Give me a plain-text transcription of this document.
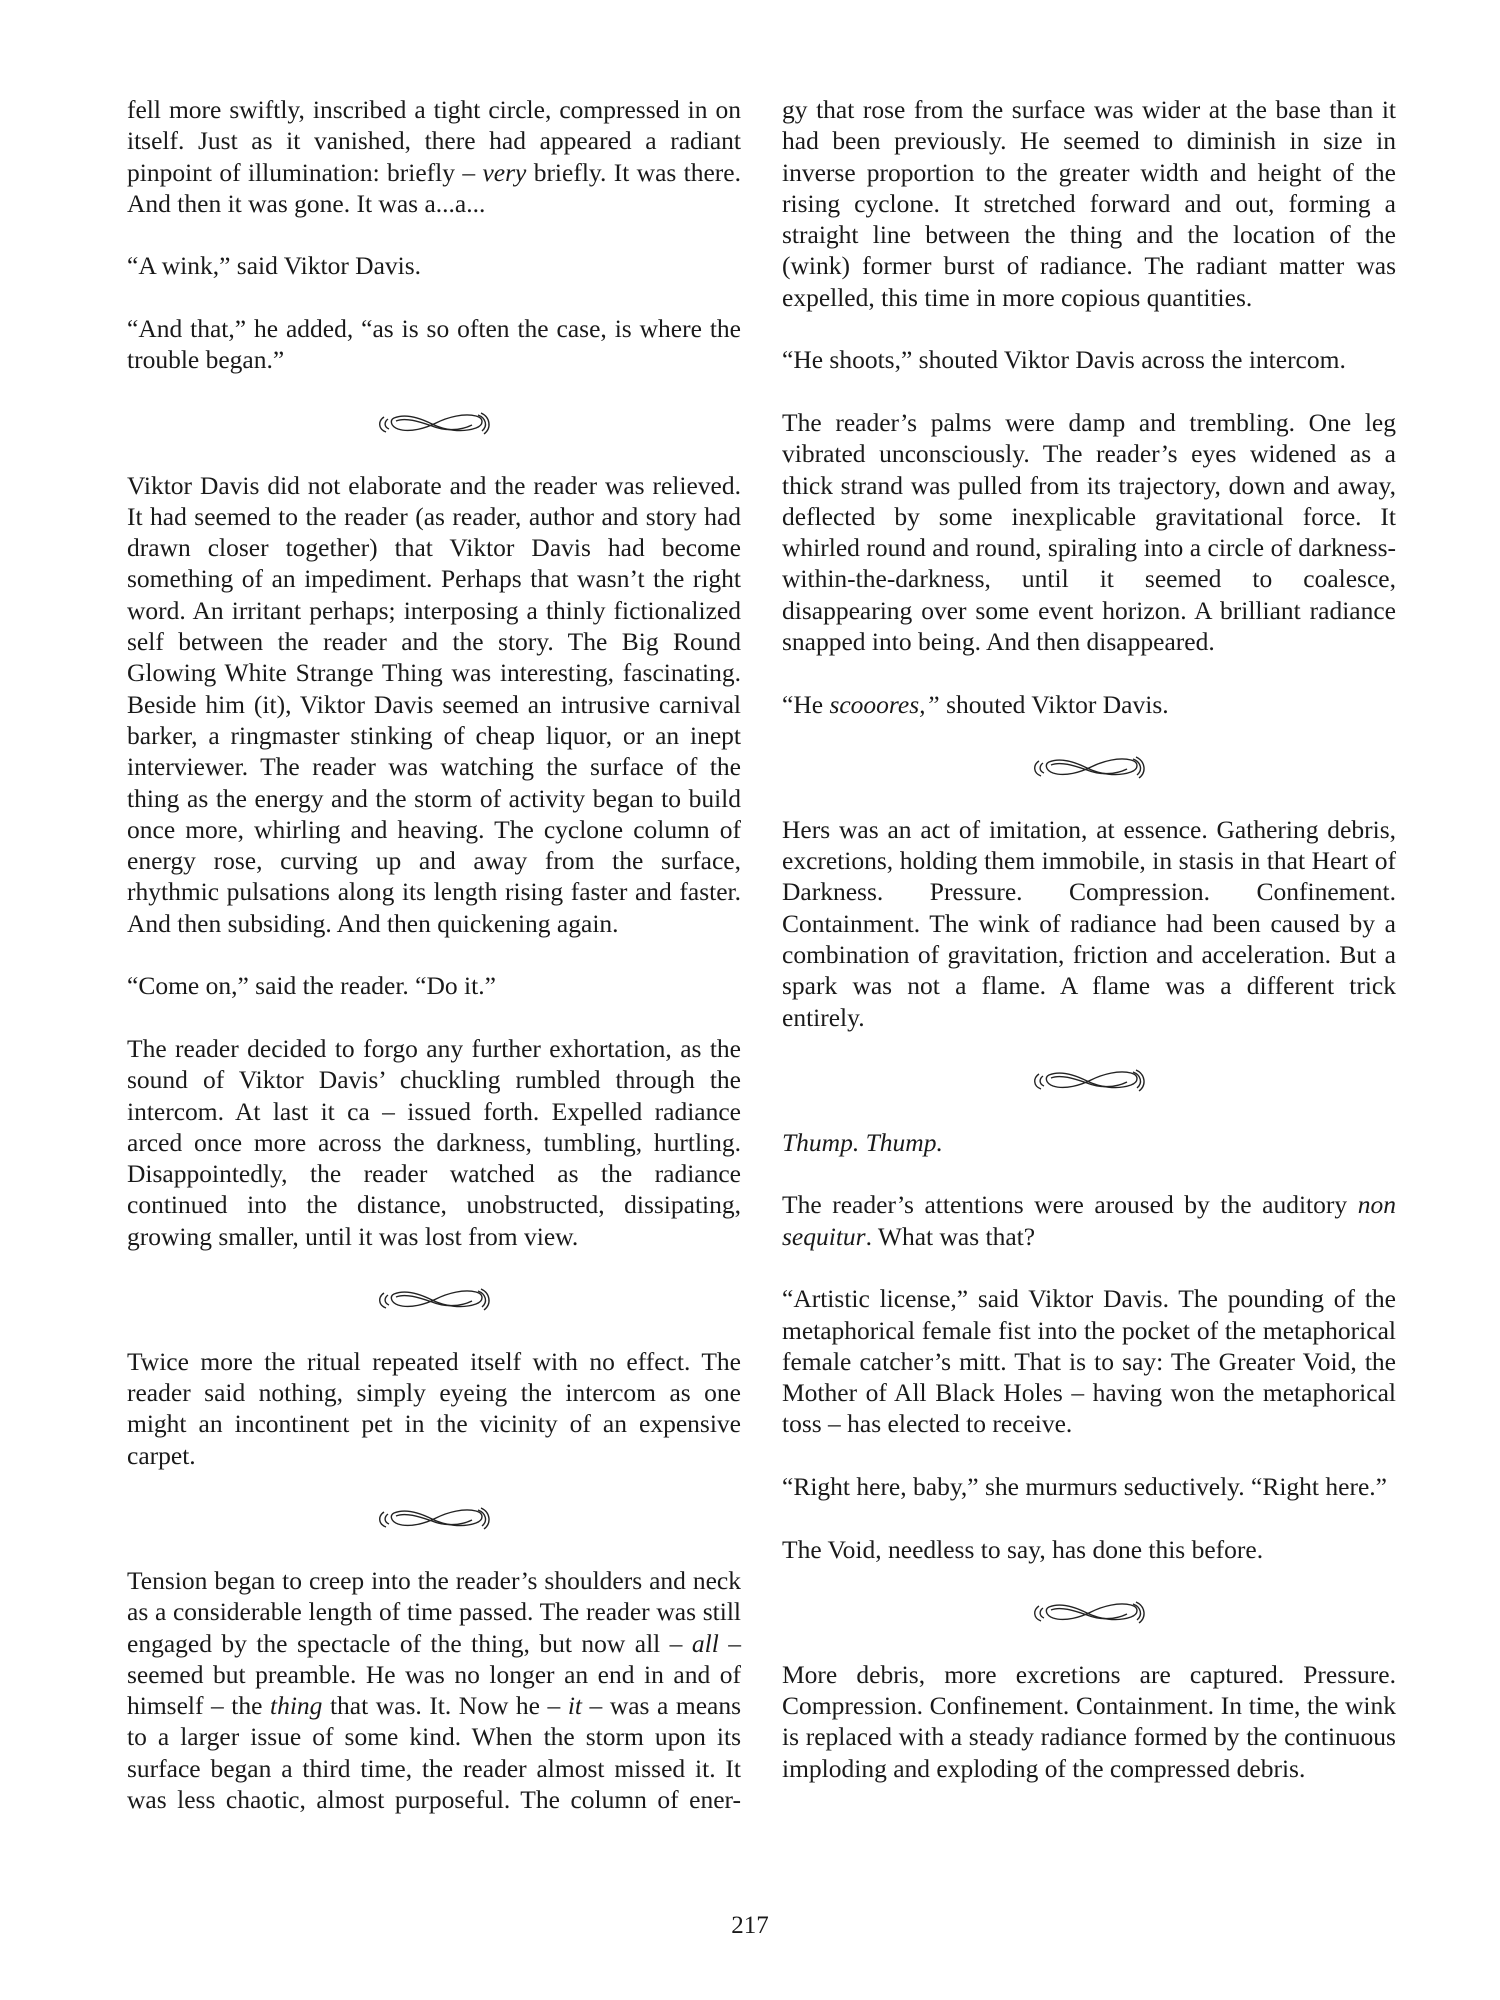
fell more swiftly, inscribed a tight circle, compressed in on itself. Just as it vanished, there had appeared a radiant pinpoint of illumination: briefly – very briefly. It was there. And then it was gone. It was a...a...

“A wink,” said Viktor Davis.

“And that,” he added, “as is so often the case, is where the trouble began.”

Viktor Davis did not elaborate and the reader was relieved. It had seemed to the reader (as reader, author and story had drawn closer together) that Viktor Davis had become something of an impediment. Perhaps that wasn’t the right word. An irritant perhaps; interposing a thinly fictionalized self between the reader and the story. The Big Round Glowing White Strange Thing was interesting, fascinating. Beside him (it), Viktor Davis seemed an intrusive carnival barker, a ringmaster stinking of cheap liquor, or an inept interviewer. The reader was watching the surface of the thing as the energy and the storm of activity began to build once more, whirling and heaving. The cyclone column of energy rose, curving up and away from the surface, rhythmic pulsations along its length rising faster and faster. And then subsiding. And then quickening again.

“Come on,” said the reader. “Do it.”

The reader decided to forgo any further exhortation, as the sound of Viktor Davis’ chuckling rumbled through the intercom. At last it ca – issued forth. Expelled radiance arced once more across the darkness, tumbling, hurtling. Disappointedly, the reader watched as the radiance continued into the distance, unobstructed, dissipating, growing smaller, until it was lost from view.

Twice more the ritual repeated itself with no effect. The reader said nothing, simply eyeing the intercom as one might an incontinent pet in the vicinity of an expensive carpet.

Tension began to creep into the reader’s shoulders and neck as a considerable length of time passed. The reader was still engaged by the spectacle of the thing, but now all – all – seemed but preamble. He was no longer an end in and of himself – the thing that was. It. Now he – it – was a means to a larger issue of some kind. When the storm upon its surface began a third time, the reader almost missed it. It was less chaotic, almost purposeful. The column of ener-

gy that rose from the surface was wider at the base than it had been previously. He seemed to diminish in size in inverse proportion to the greater width and height of the rising cyclone. It stretched forward and out, forming a straight line between the thing and the location of the (wink) former burst of radiance. The radiant matter was expelled, this time in more copious quantities.

“He shoots,” shouted Viktor Davis across the intercom.

The reader’s palms were damp and trembling. One leg vibrated unconsciously. The reader’s eyes widened as a thick strand was pulled from its trajectory, down and away, deflected by some inexplicable gravitational force. It whirled round and round, spiraling into a circle of darkness-within-the-darkness, until it seemed to coalesce, disappearing over some event horizon. A brilliant radiance snapped into being. And then disappeared.

“He scooores,” shouted Viktor Davis.

Hers was an act of imitation, at essence. Gathering debris, excretions, holding them immobile, in stasis in that Heart of Darkness. Pressure. Compression. Confinement. Containment. The wink of radiance had been caused by a combination of gravitation, friction and acceleration. But a spark was not a flame. A flame was a different trick entirely.

Thump. Thump.

The reader’s attentions were aroused by the auditory non sequitur. What was that?

“Artistic license,” said Viktor Davis. The pounding of the metaphorical female fist into the pocket of the metaphorical female catcher’s mitt. That is to say: The Greater Void, the Mother of All Black Holes – having won the metaphorical toss – has elected to receive.

“Right here, baby,” she murmurs seductively. “Right here.”

The Void, needless to say, has done this before.

More debris, more excretions are captured. Pressure. Compression. Confinement. Containment. In time, the wink is replaced with a steady radiance formed by the continuous imploding and exploding of the compressed debris.

217
